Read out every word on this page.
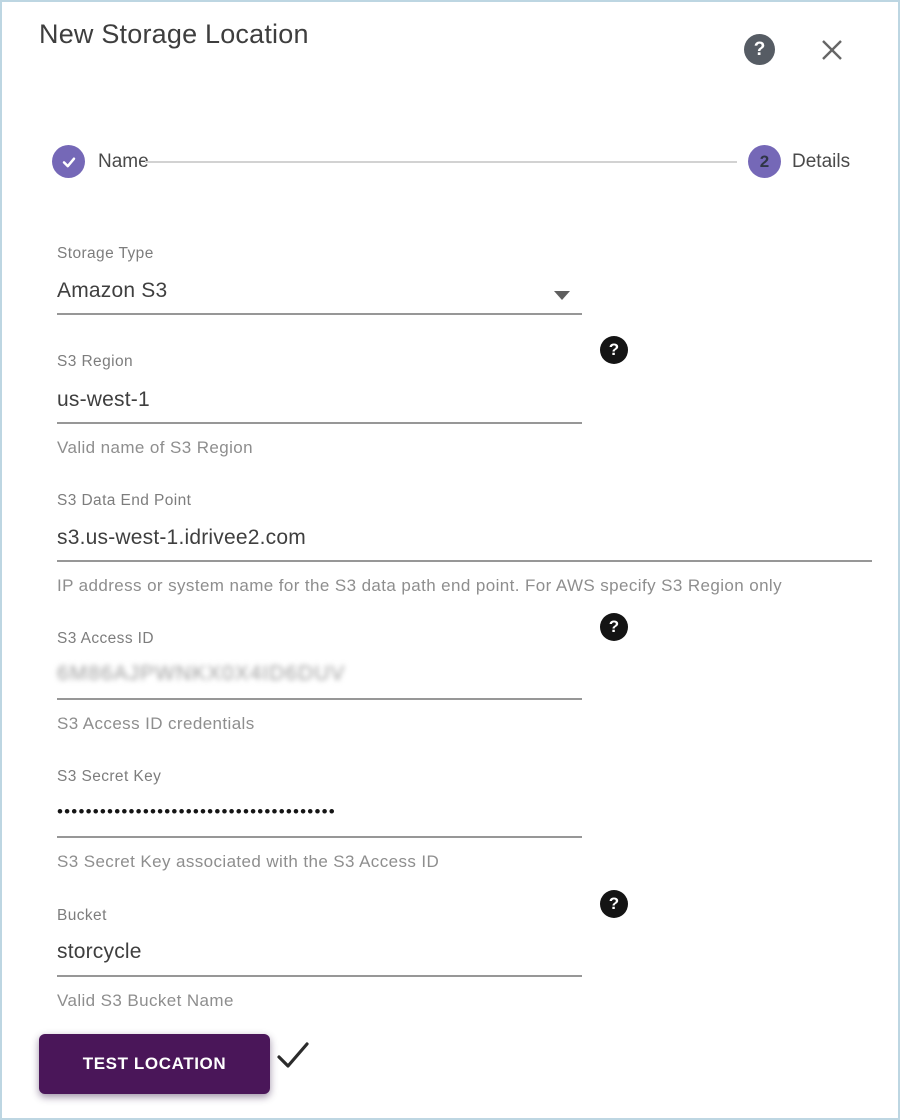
New Storage Location
?
Name	2 Details
Storage Type
Amazon S3
?
S3 Region
us-west-1
Valid name of S3 Region
S3 Data End Point
s3.us-west-1.idrivee2.com
IP address or system name for the S3 data path end point. For AWS specify S3 Region only
?
S3 Access ID
6M86AJPWNKX0X4ID6DUV
S3 Access ID credentials
S3 Secret Key
•••••••••••••••••••••••••••••••••••••••
S3 Secret Key associated with the S3 Access ID
?
Bucket
storcycle
Valid S3 Bucket Name
TEST LOCATION
